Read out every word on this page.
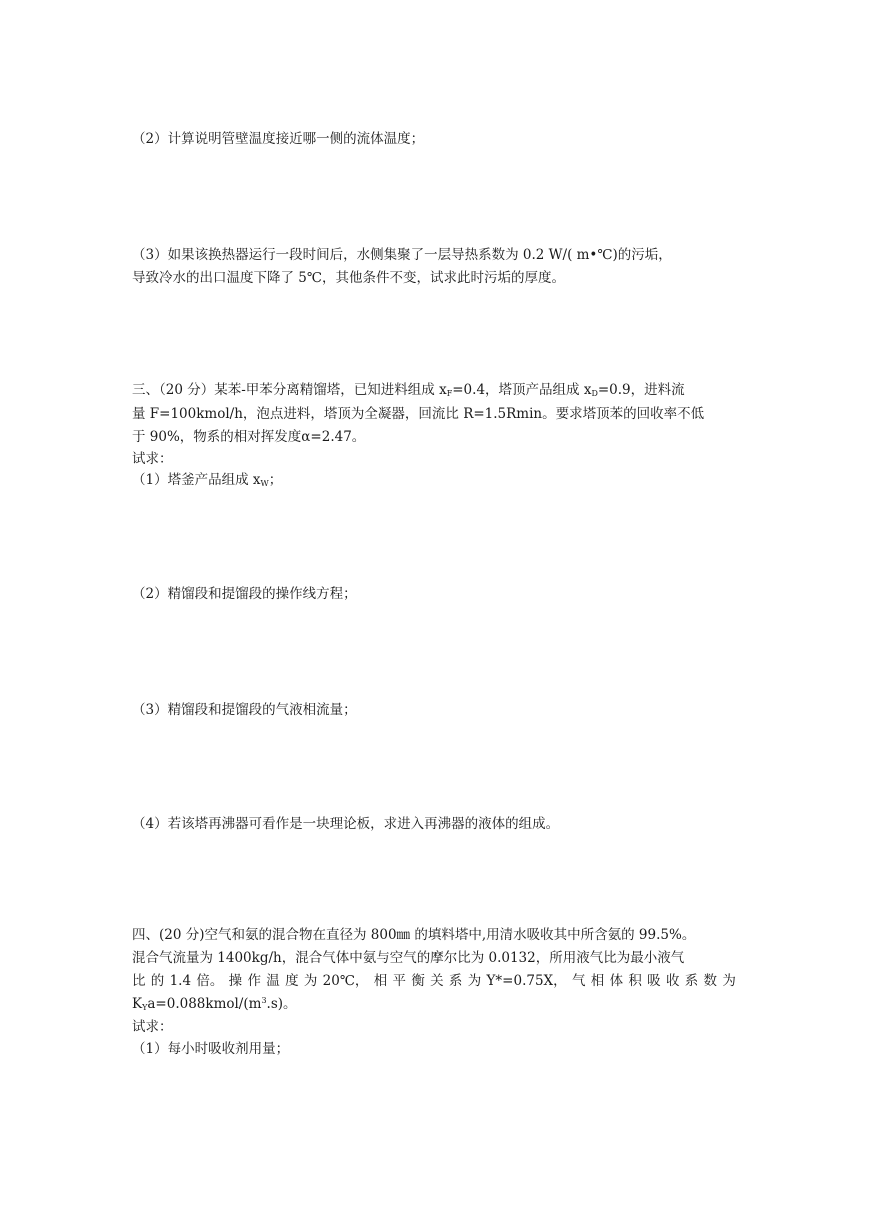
（2）计算说明管壁温度接近哪一侧的流体温度；
（3）如果该换热器运行一段时间后，水侧集聚了一层导热系数为 0.2 W/( m•℃)的污垢，
导致冷水的出口温度下降了 5℃，其他条件不变，试求此时污垢的厚度。
三、（20 分）某苯-甲苯分离精馏塔，已知进料组成 $x_F=0.4$，塔顶产品组成 $x_D=0.9$，进料流
量 F=100kmol/h，泡点进料，塔顶为全凝器，回流比 R=1.5Rmin。要求塔顶苯的回收率不低
于 90%，物系的相对挥发度α=2.47。
试求：
（1）塔釜产品组成 $x_W$；
（2）精馏段和提馏段的操作线方程；
（3）精馏段和提馏段的气液相流量；
（4）若该塔再沸器可看作是一块理论板，求进入再沸器的液体的组成。
四、(20 分)空气和氨的混合物在直径为 800㎜ 的填料塔中,用清水吸收其中所含氨的 99.5%。
混合气流量为 1400kg/h，混合气体中氨与空气的摩尔比为 0.0132，所用液气比为最小液气
比 的 1.4 倍。 操 作 温 度 为 20℃， 相 平 衡 关 系 为 Y*=0.75X， 气 相 体 积 吸 收 系 数 为
$K_Ya=0.088kmol/(m^3.s)$。
试求：
（1）每小时吸收剂用量；
